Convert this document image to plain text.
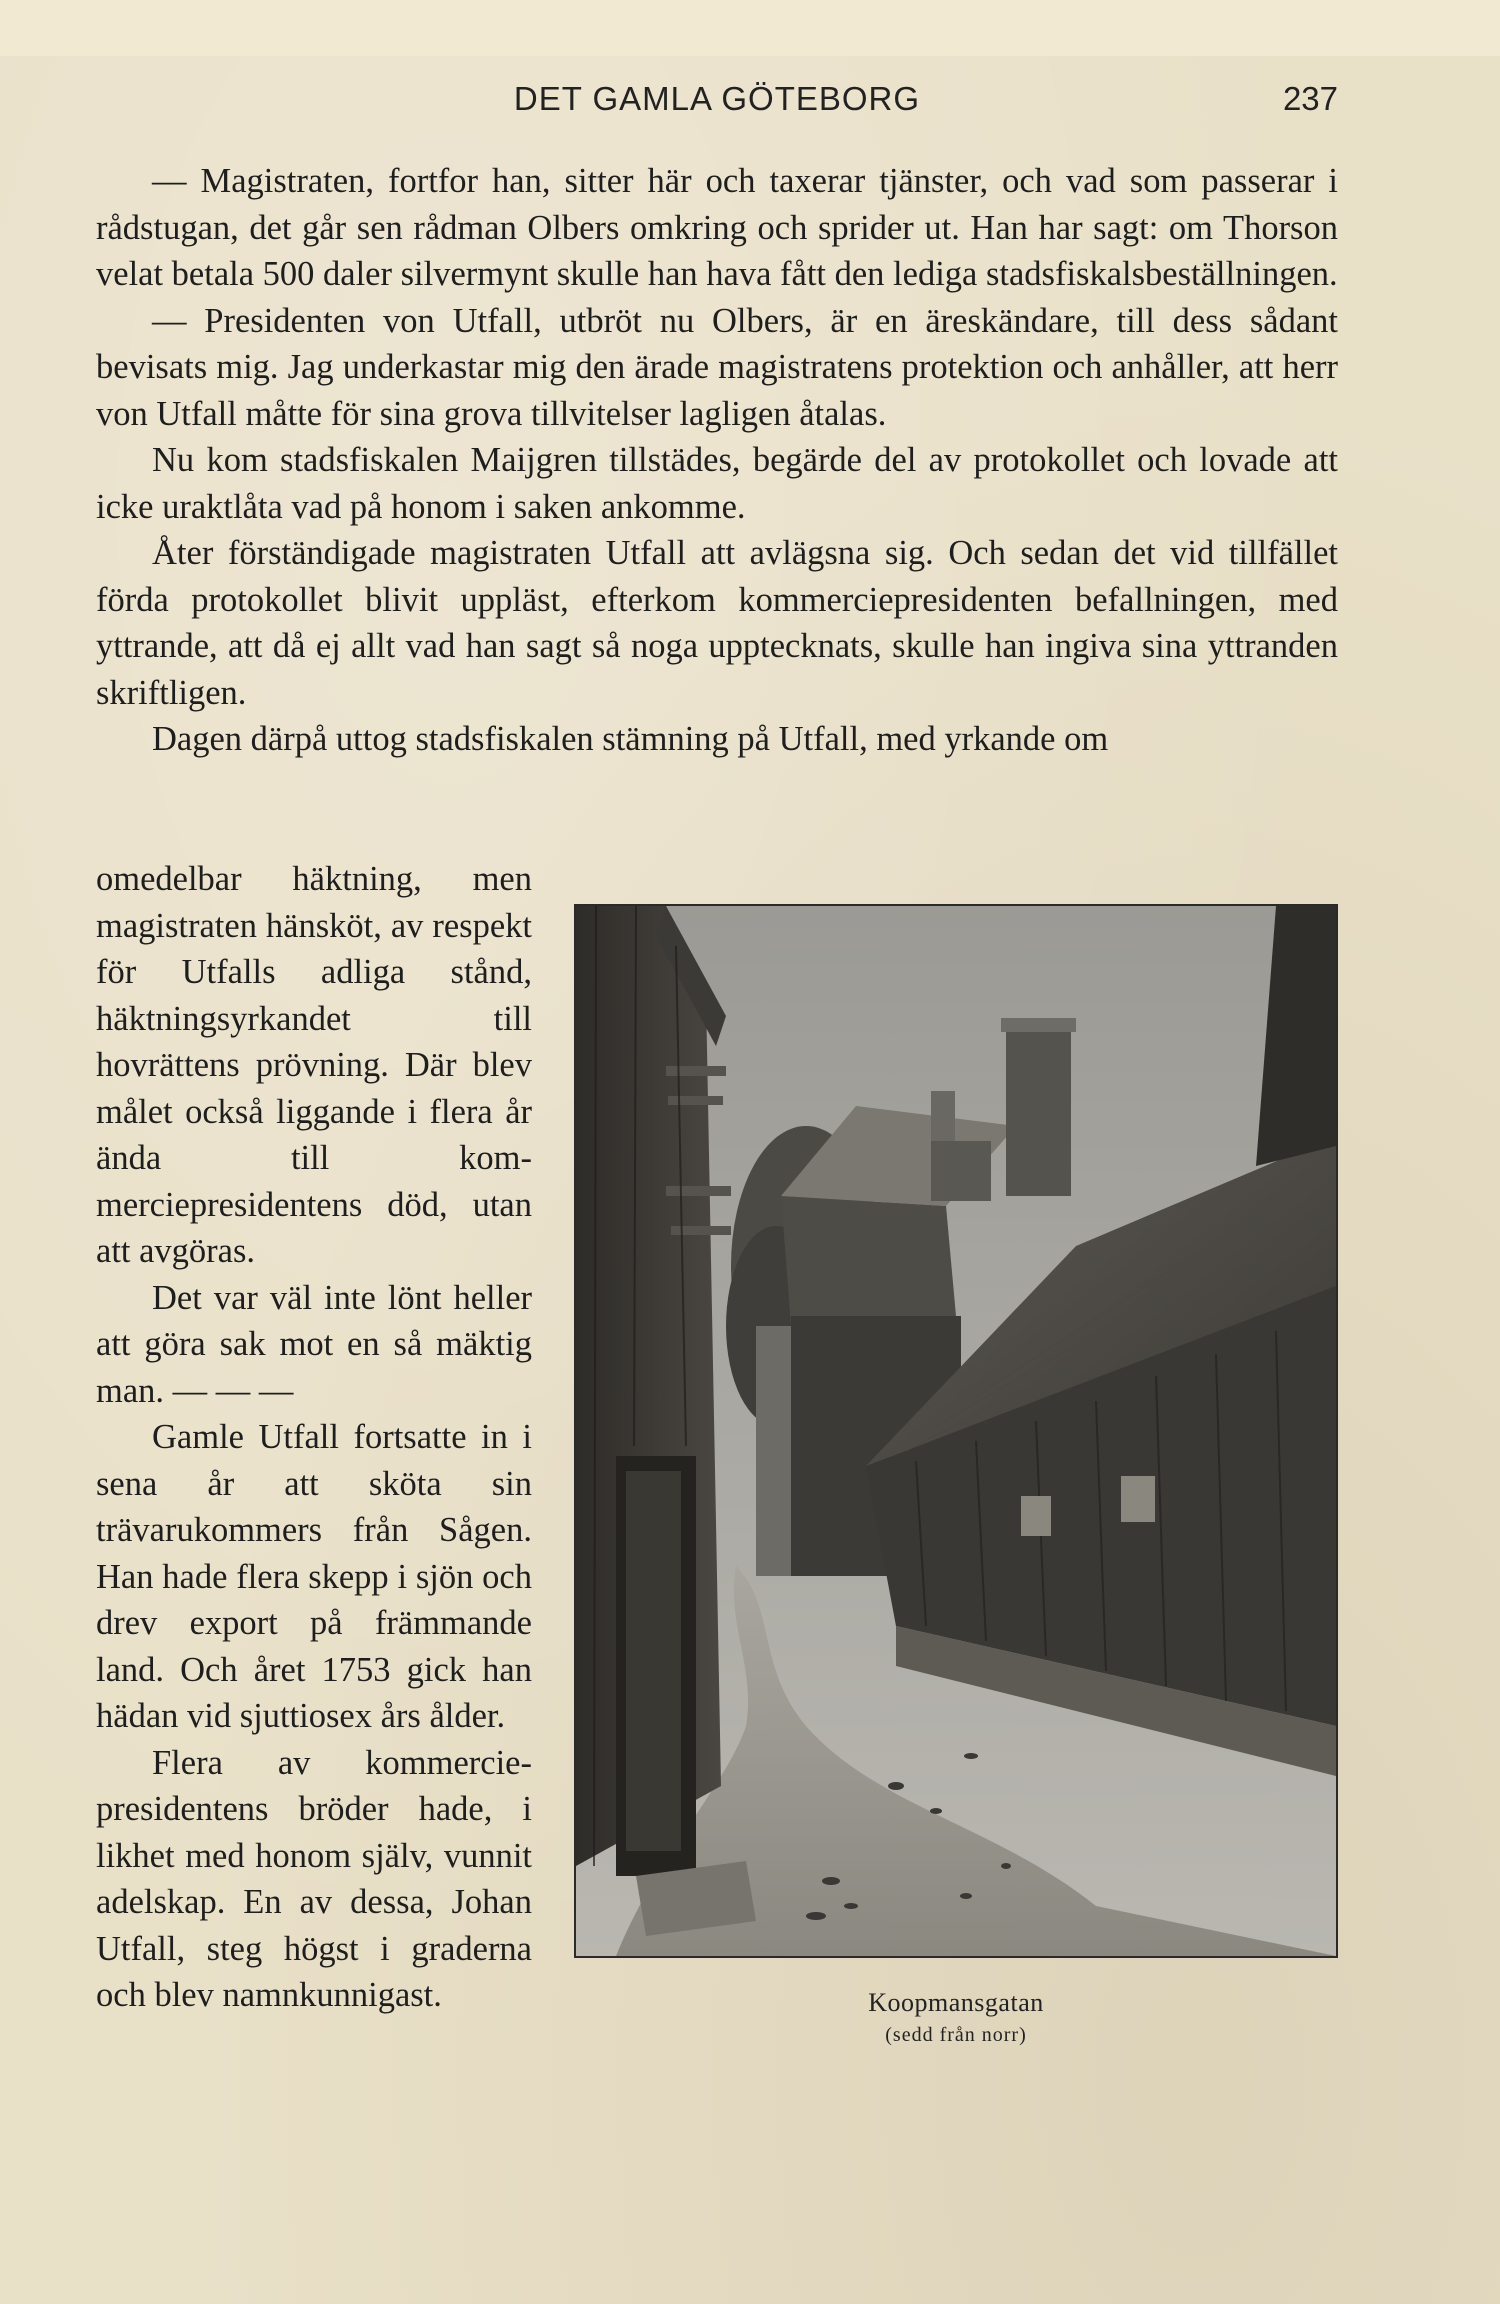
DET GAMLA GÖTEBORG	237

— Magistraten, fortfor han, sitter här och taxerar tjänster, och vad som passerar i rådstugan, det går sen rådman Olbers omkring och sprider ut. Han har sagt: om Thorson velat betala 500 daler silvermynt skulle han hava fått den lediga stadsfiskalsbeställningen.

— Presidenten von Utfall, utbröt nu Olbers, är en äreskändare, till dess sådant bevisats mig. Jag underkastar mig den ärade magistratens protektion och anhåller, att herr von Utfall måtte för sina grova tillvitelser lagligen åtalas.

Nu kom stadsfiskalen Maijgren tillstädes, begärde del av protokollet och lovade att icke uraktlåta vad på honom i saken ankomme.

Åter förständigade magistraten Utfall att avlägsna sig. Och sedan det vid tillfället förda protokollet blivit uppläst, efterkom kommerciepresidenten befallningen, med yttrande, att då ej allt vad han sagt så noga upptecknats, skulle han ingiva sina yttranden skriftligen.

Dagen därpå uttog stadsfiskalen stämning på Utfall, med yrkande om

omedelbar häktning, men magistraten hänsköt, av respekt för Utfalls adliga stånd, häktningsyrkandet till hovrättens prövning. Där blev målet också liggande i flera år ända till kommerciepresidentens död, utan att avgöras.

Det var väl inte lönt heller att göra sak mot en så mäktig man. — — —

Gamle Utfall fortsatte in i sena år att sköta sin trävarukommers från Sågen. Han hade flera skepp i sjön och drev export på främmande land. Och året 1753 gick han hädan vid sjuttiosex års ålder.

Flera av kommerciepresidentens bröder hade, i likhet med honom själv, vunnit adelskap. En av dessa, Johan Utfall, steg högst i graderna och blev namnkunnigast.	Koopmansgatan
(sedd från norr)
